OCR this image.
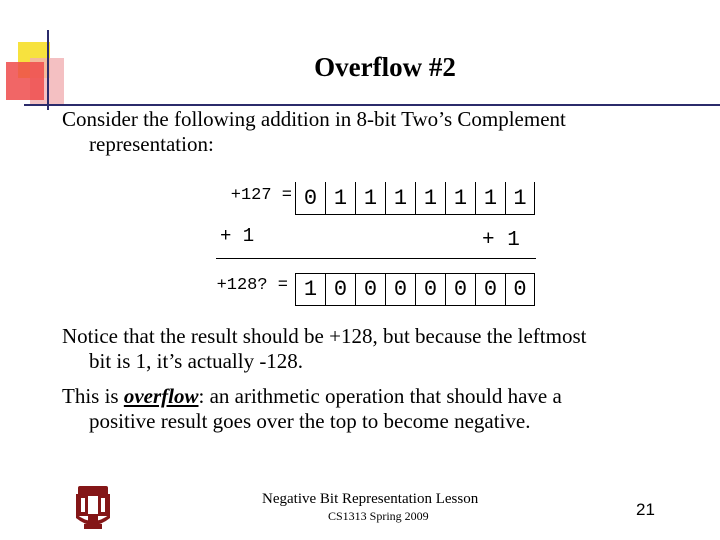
Overflow #2
Consider the following addition in 8-bit Two’s Complement
representation:
+127 = 0 1 1 1 1 1 1 1
+ 1	+ 1
+128? = 1 0 0 0 0 0 0 0
Notice that the result should be +128, but because the leftmost
bit is 1, it’s actually -128.
This is overflow: an arithmetic operation that should have a
positive result goes over the top to become negative.
Negative Bit Representation Lesson
CS1313 Spring 2009	21
